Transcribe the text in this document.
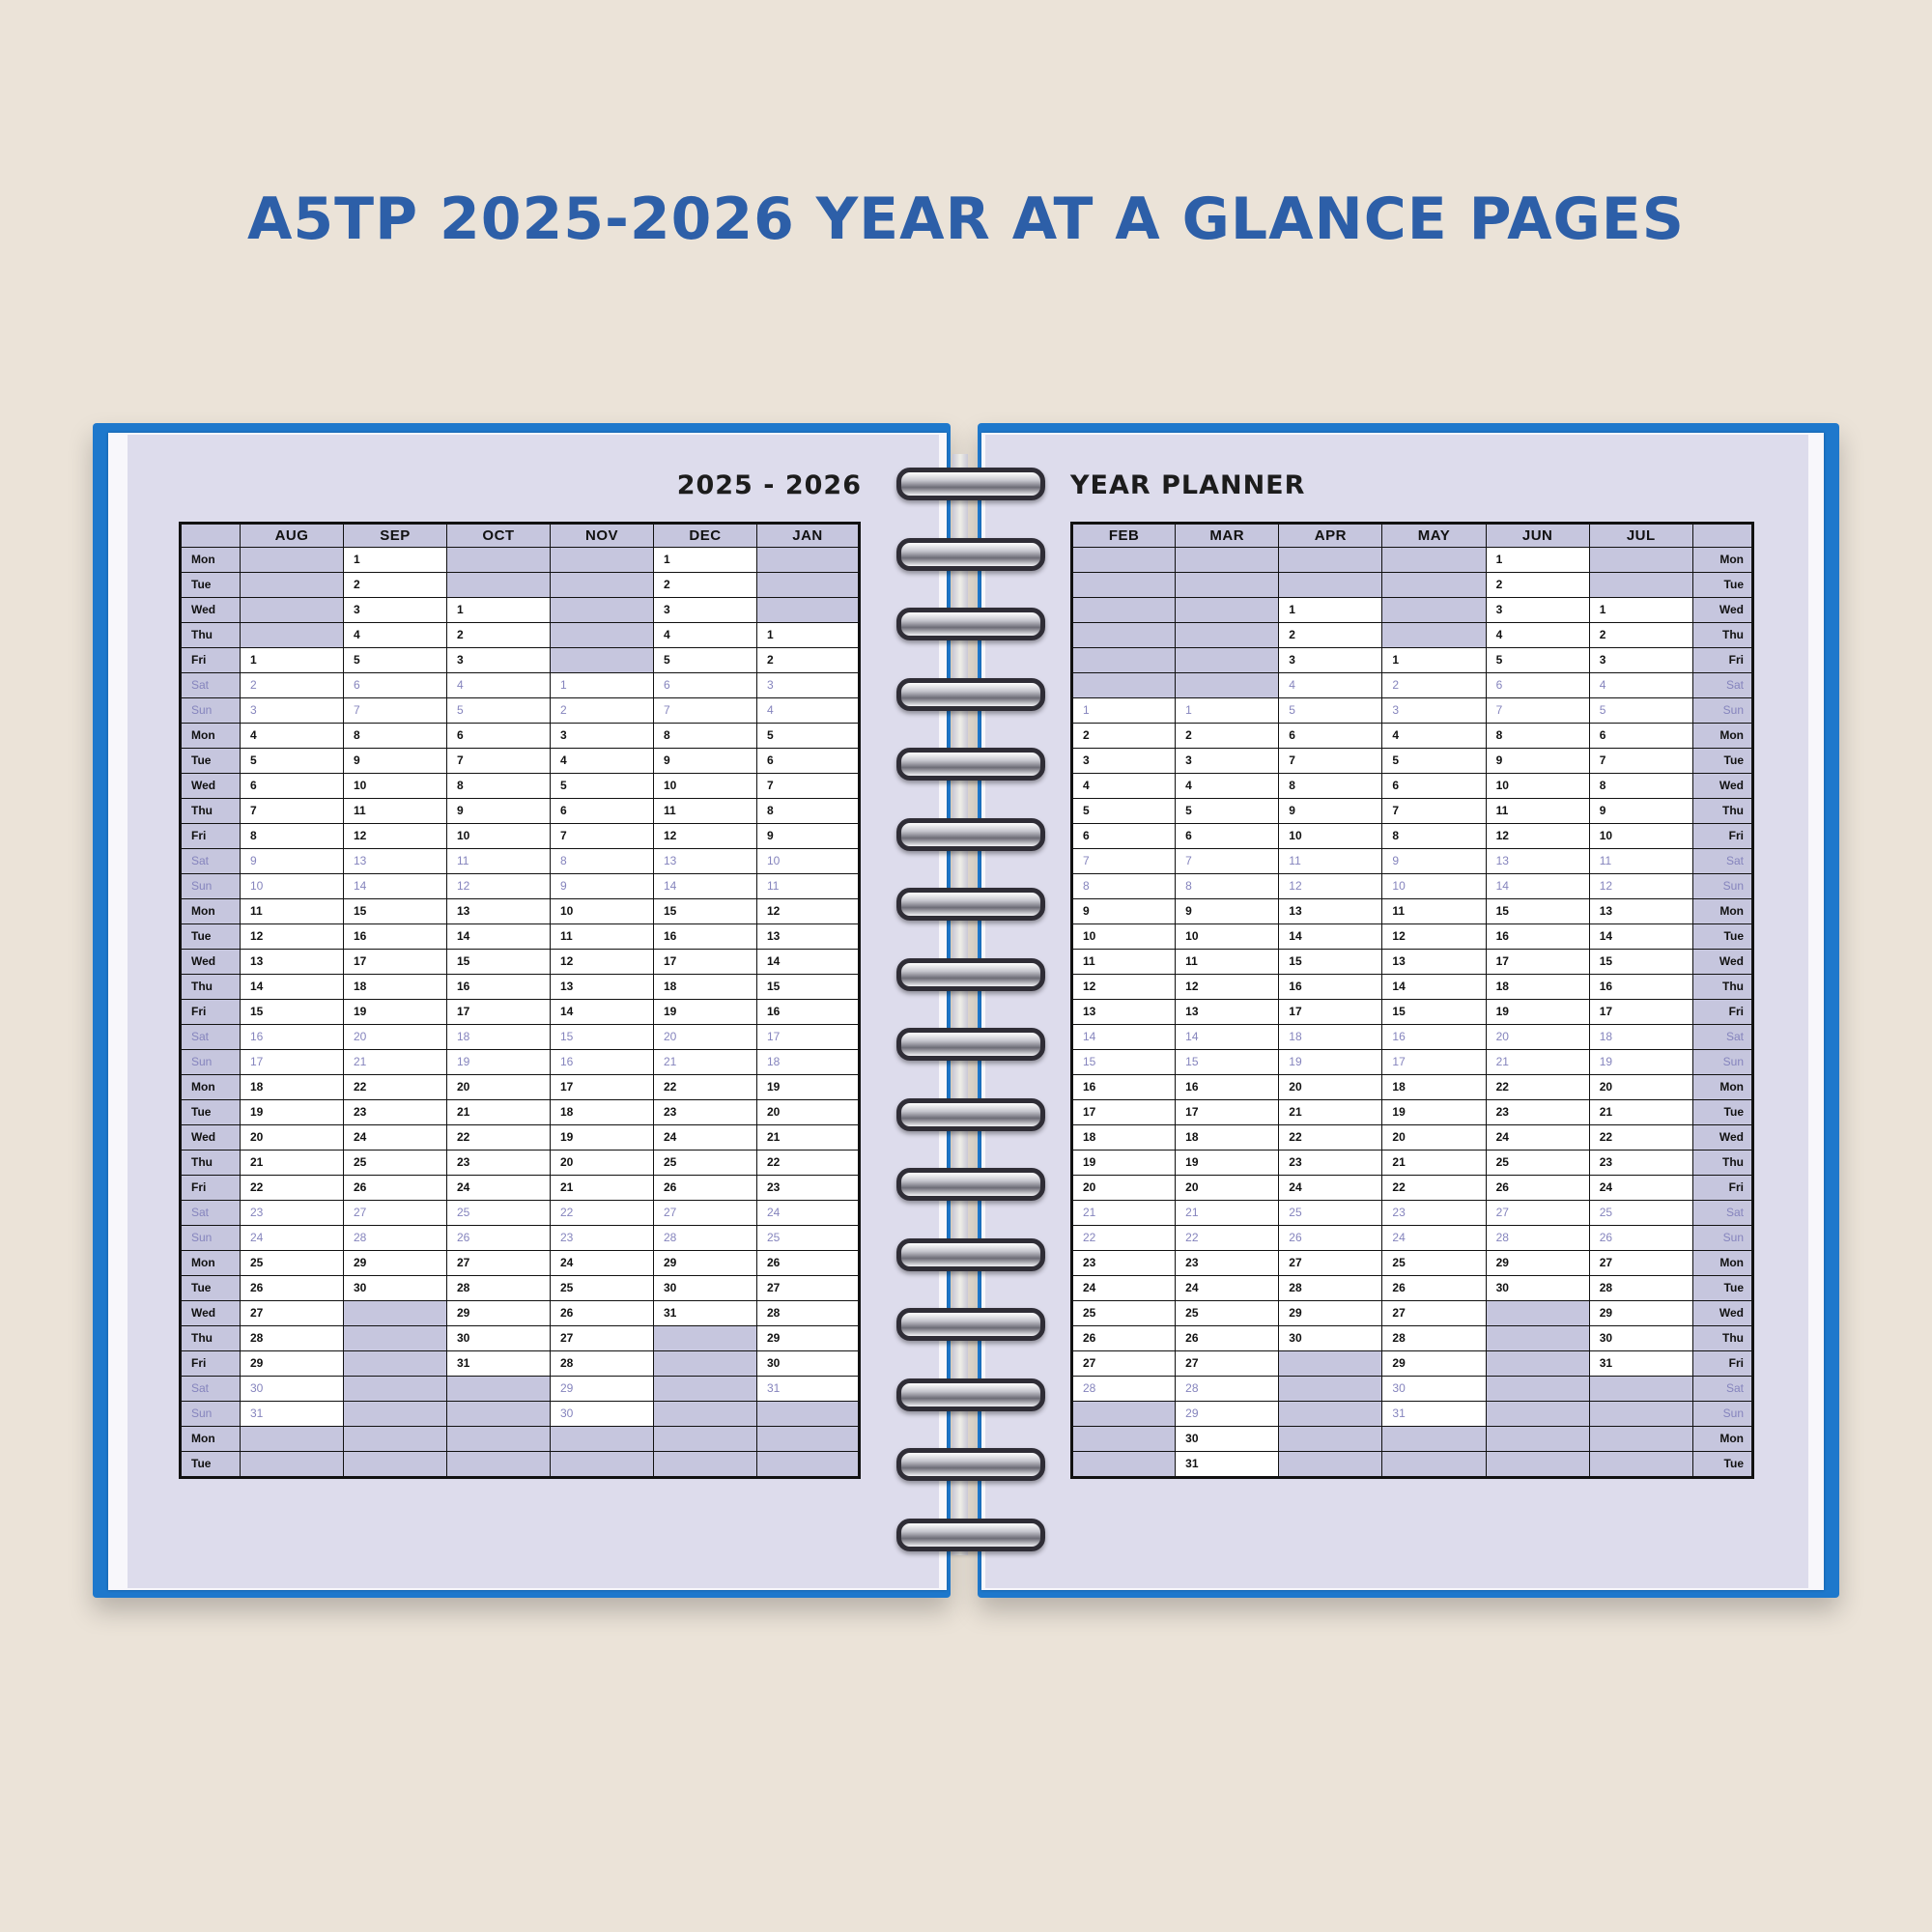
A5TP 2025-2026 YEAR AT A GLANCE PAGES
2025 - 2026	YEAR PLANNER
	AUG	SEP	OCT	NOV	DEC	JAN
Mon		1			1	
Tue		2			2	
Wed		3	1		3	
Thu		4	2		4	1
Fri	1	5	3		5	2
Sat	2	6	4	1	6	3
Sun	3	7	5	2	7	4
Mon	4	8	6	3	8	5
Tue	5	9	7	4	9	6
Wed	6	10	8	5	10	7
Thu	7	11	9	6	11	8
Fri	8	12	10	7	12	9
Sat	9	13	11	8	13	10
Sun	10	14	12	9	14	11
Mon	11	15	13	10	15	12
Tue	12	16	14	11	16	13
Wed	13	17	15	12	17	14
Thu	14	18	16	13	18	15
Fri	15	19	17	14	19	16
Sat	16	20	18	15	20	17
Sun	17	21	19	16	21	18
Mon	18	22	20	17	22	19
Tue	19	23	21	18	23	20
Wed	20	24	22	19	24	21
Thu	21	25	23	20	25	22
Fri	22	26	24	21	26	23
Sat	23	27	25	22	27	24
Sun	24	28	26	23	28	25
Mon	25	29	27	24	29	26
Tue	26	30	28	25	30	27
Wed	27		29	26	31	28
Thu	28		30	27		29
Fri	29		31	28		30
Sat	30			29		31
Sun	31			30		
Mon						
Tue						
FEB	MAR	APR	MAY	JUN	JUL	
				1		Mon
				2		Tue
		1		3	1	Wed
		2		4	2	Thu
		3	1	5	3	Fri
		4	2	6	4	Sat
1	1	5	3	7	5	Sun
2	2	6	4	8	6	Mon
3	3	7	5	9	7	Tue
4	4	8	6	10	8	Wed
5	5	9	7	11	9	Thu
6	6	10	8	12	10	Fri
7	7	11	9	13	11	Sat
8	8	12	10	14	12	Sun
9	9	13	11	15	13	Mon
10	10	14	12	16	14	Tue
11	11	15	13	17	15	Wed
12	12	16	14	18	16	Thu
13	13	17	15	19	17	Fri
14	14	18	16	20	18	Sat
15	15	19	17	21	19	Sun
16	16	20	18	22	20	Mon
17	17	21	19	23	21	Tue
18	18	22	20	24	22	Wed
19	19	23	21	25	23	Thu
20	20	24	22	26	24	Fri
21	21	25	23	27	25	Sat
22	22	26	24	28	26	Sun
23	23	27	25	29	27	Mon
24	24	28	26	30	28	Tue
25	25	29	27		29	Wed
26	26	30	28		30	Thu
27	27		29		31	Fri
28	28		30			Sat
	29		31			Sun
	30					Mon
	31					Tue
